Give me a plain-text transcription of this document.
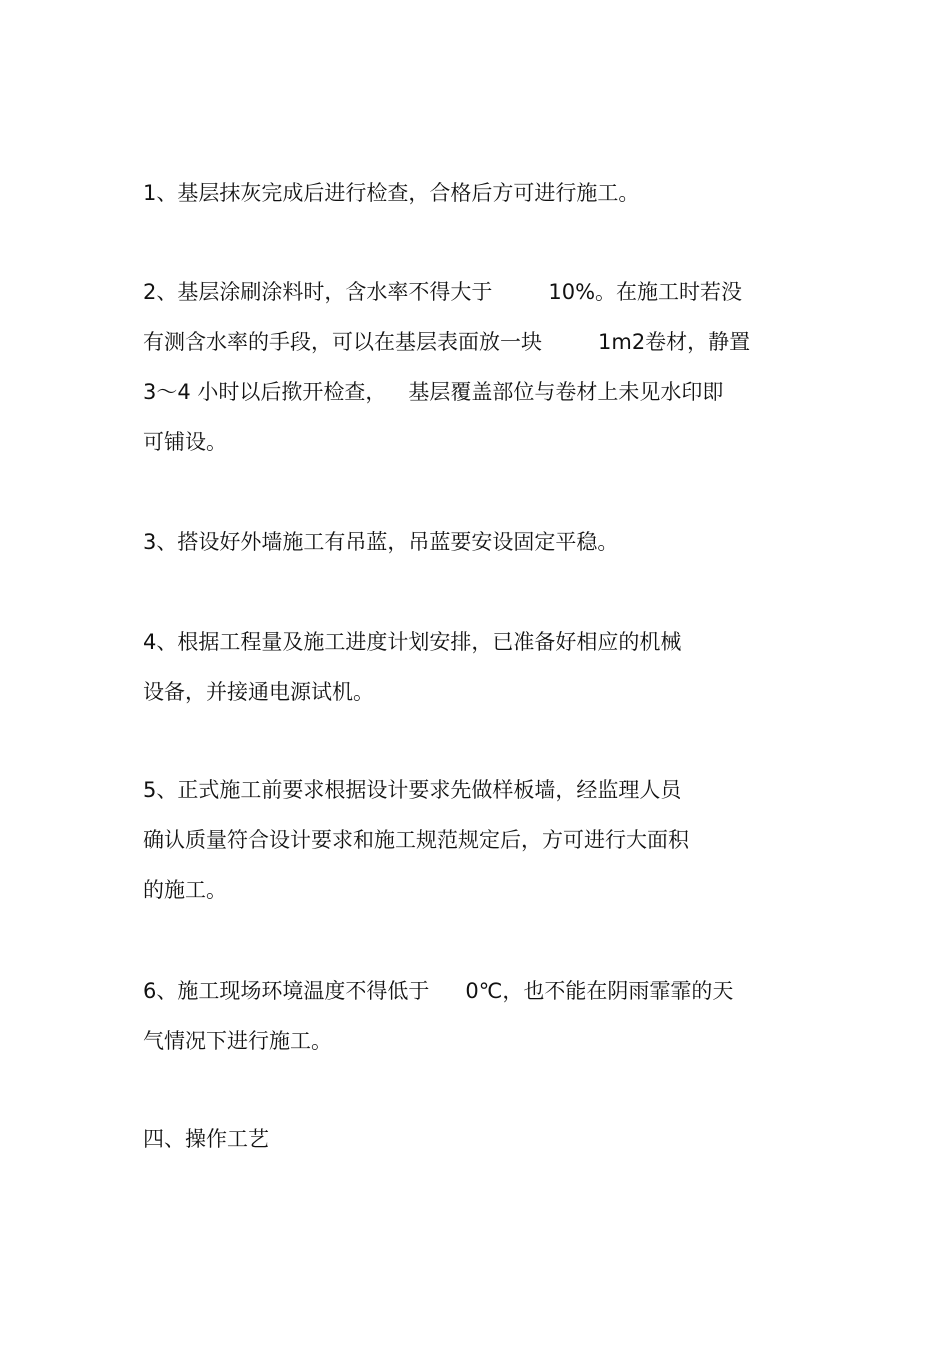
1、基层抹灰完成后进行检查，合格后方可进行施工。
2、基层涂刷涂料时，含水率不得大于	10%。在施工时若没
有测含水率的手段，可以在基层表面放一块	1m2卷材，静置
3～4 小时以后揿开检查， 基层覆盖部位与卷材上未见水印即
可铺设。
3、搭设好外墙施工有吊蓝，吊蓝要安设固定平稳。
4、根据工程量及施工进度计划安排，已准备好相应的机械
设备，并接通电源试机。
5、正式施工前要求根据设计要求先做样板墙，经监理人员
确认质量符合设计要求和施工规范规定后，方可进行大面积
的施工。
6、施工现场环境温度不得低于 0℃，也不能在阴雨霏霏的天
气情况下进行施工。
四、操作工艺
